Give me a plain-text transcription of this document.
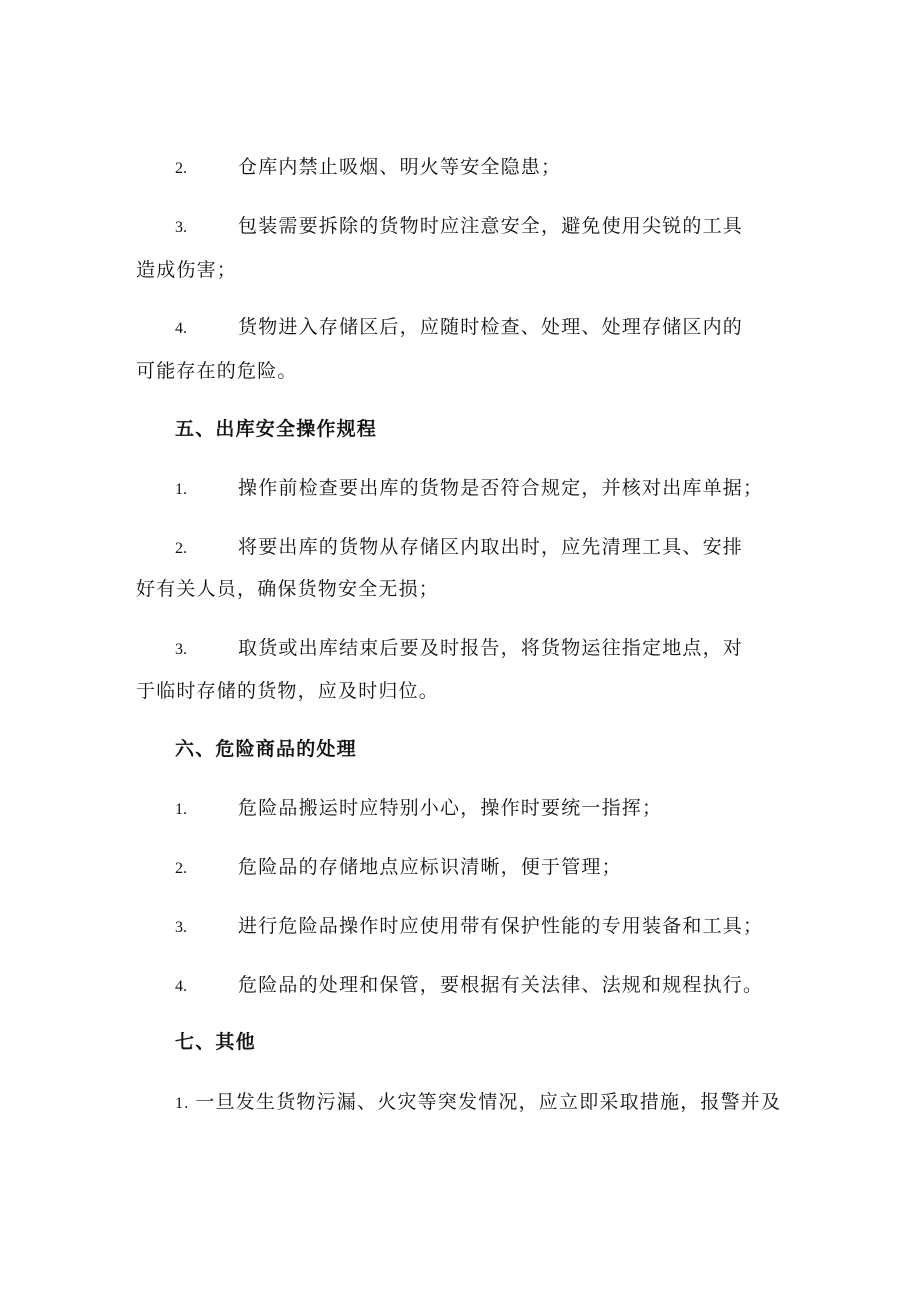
2.	仓库内禁止吸烟、明火等安全隐患；
3.	包装需要拆除的货物时应注意安全，避免使用尖锐的工具
造成伤害；
4.	货物进入存储区后，应随时检查、处理、处理存储区内的
可能存在的危险。
五、出库安全操作规程
1.	操作前检查要出库的货物是否符合规定，并核对出库单据；
2.	将要出库的货物从存储区内取出时，应先清理工具、安排
好有关人员，确保货物安全无损；
3.	取货或出库结束后要及时报告，将货物运往指定地点，对
于临时存储的货物，应及时归位。
六、危险商品的处理
1.	危险品搬运时应特别小心，操作时要统一指挥；
2.	危险品的存储地点应标识清晰，便于管理；
3.	进行危险品操作时应使用带有保护性能的专用装备和工具；
4.	危险品的处理和保管，要根据有关法律、法规和规程执行。
七、其他
1. 一旦发生货物污漏、火灾等突发情况，应立即采取措施，报警并及
